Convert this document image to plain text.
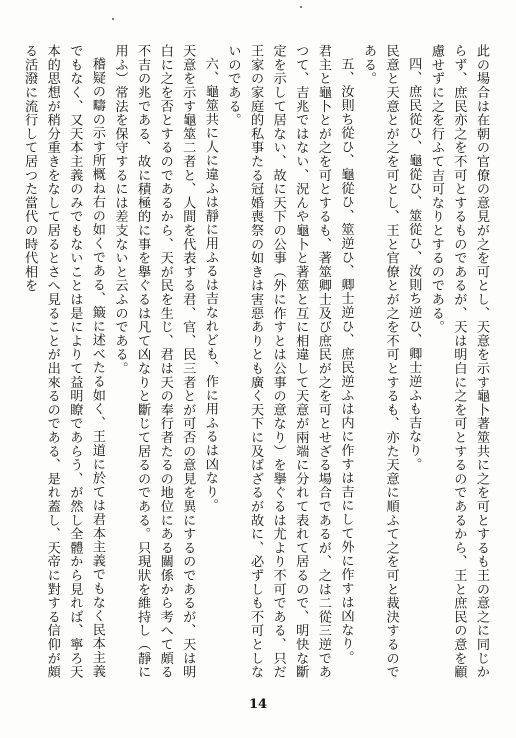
此の場合は在朝の官僚の意見が之を可とし、天意を示す龜卜著筮共に之を可とするも王の意之に同じからず、庶民亦之を不可とするものであるが、天は明白に之を可とするのであるから、王と庶民の意を顧慮せずに之を行ふて吉可なりとするのである。

四、庶民從ひ、龜從ひ、筮從ひ、汝則ち逆ひ、卿士逆ふも吉なり。

民意と天意とが之を可とし、王と官僚とが之を不可とするも、亦た天意に順ふて之を可と裁決するのである。

五、汝則ち從ひ、龜從ひ、筮逆ひ、卿士逆ひ、庶民逆ふは内に作すは吉にして外に作すは凶なり。

君主と龜卜とが之を可とするも、著筮卿士及び庶民が之を可とせざる場合であるが、之は二從三逆であつて、吉兆ではない、況んや龜卜と著筮と互に相違して天意が兩端に分れて表れて居るので、明快な斷定を示して居ない、故に天下の公事（外に作すとは公事の意なり）を擧ぐるは尤より不可である、只だ王家の家庭的私事たる冠婚喪祭の如きは害惡ありとも廣く天下に及ばざるが故に、必ずしも不可としないのである。

六、龜筮共に人に違ふは靜に用ふるは吉なれども、作に用ふるは凶なり。

天意を示す龜筮二者と、人間を代表する君、官、民三者とが可否の意見を異にするのであるが、天は明白に之を否とするのであるから、天が民を生じ、君は天の奉行者たるの地位にある關係から考へて頗る不吉の兆である、故に積極的に事を擧ぐるは凡て凶なりと斷じて居るのである。只現狀を維持し（靜に用ふ）常法を保守するには差支ないと云ふのである。

稽疑の疇の示す所概ね右の如くである、簸に述べたる如く、王道に於ては君本主義でもなく民本主義でもなく、又天本主義のみでもないことは是によりて益明瞭であらう、が然し全體から見れば、寧ろ天本的思想が稍分重きをなして居るとさへ見ることが出來るのである、是れ蓋し、天帝に對する信仰が頗る活潑に流行して居つた當代の時代相を

14
